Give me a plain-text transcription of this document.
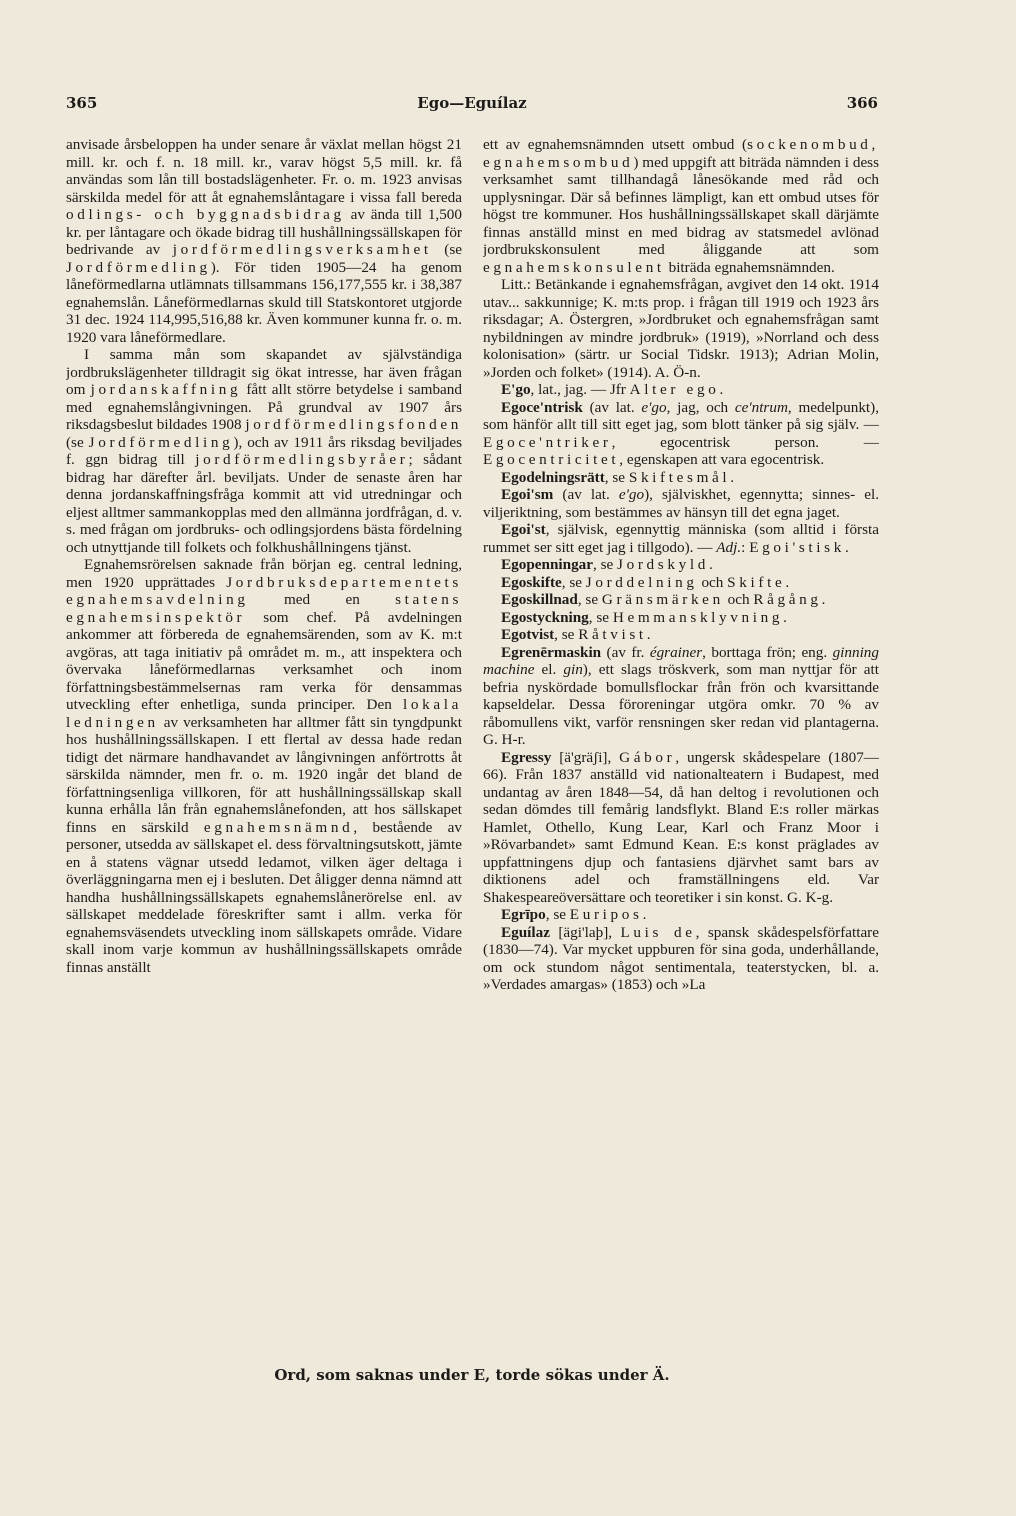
365	Ego—Eguílaz	366

anvisade årsbeloppen ha under senare år växlat mellan högst 21 mill. kr. och f. n. 18 mill. kr., varav högst 5,5 mill. kr. få användas som lån till bostadslägenheter. Fr. o. m. 1923 anvisas särskilda medel för att åt egnahemslåntagare i vissa fall bereda odlings- och byggnadsbidrag av ända till 1,500 kr. per låntagare och ökade bidrag till hushållningssällskapen för bedrivande av jordförmedlingsverksamhet (se Jordförmedling). För tiden 1905—24 ha genom låneförmedlarna utlämnats tillsammans 156,177,555 kr. i 38,387 egnahemslån. Låneförmedlarnas skuld till Statskontoret utgjorde 31 dec. 1924 114,995,516,88 kr. Även kommuner kunna fr. o. m. 1920 vara låneförmedlare.

I samma mån som skapandet av självständiga jordbrukslägenheter tilldragit sig ökat intresse, har även frågan om jordanskaffning fått allt större betydelse i samband med egnahemslångivningen. På grundval av 1907 års riksdagsbeslut bildades 1908 jordförmedlingsfonden (se Jordförmedling), och av 1911 års riksdag beviljades f. ggn bidrag till jordförmedlingsbyråer; sådant bidrag har därefter årl. beviljats. Under de senaste åren har denna jordanskaffningsfråga kommit att vid utredningar och eljest alltmer sammankopplas med den allmänna jordfrågan, d. v. s. med frågan om jordbruks- och odlingsjordens bästa fördelning och utnyttjande till folkets och folkhushållningens tjänst.

Egnahemsrörelsen saknade från början eg. central ledning, men 1920 upprättades Jordbruksdepartementets egnahemsavdelning med en statens egnahemsinspektör som chef. På avdelningen ankommer att förbereda de egnahemsärenden, som av K. m:t avgöras, att taga initiativ på området m. m., att inspektera och övervaka låneförmedlarnas verksamhet och inom författningsbestämmelsernas ram verka för densammas utveckling efter enhetliga, sunda principer. Den lokala ledningen av verksamheten har alltmer fått sin tyngdpunkt hos hushållningssällskapen. I ett flertal av dessa hade redan tidigt det närmare handhavandet av långivningen anförtrotts åt särskilda nämnder, men fr. o. m. 1920 ingår det bland de författningsenliga villkoren, för att hushållningssällskap skall kunna erhålla lån från egnahemslånefonden, att hos sällskapet finns en särskild egnahemsnämnd, bestående av personer, utsedda av sällskapet el. dess förvaltningsutskott, jämte en å statens vägnar utsedd ledamot, vilken äger deltaga i överläggningarna men ej i besluten. Det åligger denna nämnd att handha hushållningssällskapets egnahemslånerörelse enl. av sällskapet meddelade föreskrifter samt i allm. verka för egnahemsväsendets utveckling inom sällskapets område. Vidare skall inom varje kommun av hushållningssällskapets område finnas anställt

ett av egnahemsnämnden utsett ombud (sockenombud, egnahemsombud) med uppgift att biträda nämnden i dess verksamhet samt tillhandagå lånesökande med råd och upplysningar. Där så befinnes lämpligt, kan ett ombud utses för högst tre kommuner. Hos hushållningssällskapet skall därjämte finnas anställd minst en med bidrag av statsmedel avlönad jordbrukskonsulent med åliggande att som egnahemskonsulent biträda egnahemsnämnden.

Litt.: Betänkande i egnahemsfrågan, avgivet den 14 okt. 1914 utav... sakkunnige; K. m:ts prop. i frågan till 1919 och 1923 års riksdagar; A. Östergren, »Jordbruket och egnahemsfrågan samt nybildningen av mindre jordbruk» (1919), »Norrland och dess kolonisation» (särtr. ur Social Tidskr. 1913); Adrian Molin, »Jorden och folket» (1914). A. Ö-n.

E'go, lat., jag. — Jfr Alter ego.

Egoce'ntrisk (av lat. e'go, jag, och ce'ntrum, medelpunkt), som hänför allt till sitt eget jag, som blott tänker på sig själv. — Egoce'ntriker, egocentrisk person. — Egocentricitet, egenskapen att vara egocentrisk.

Egodelningsrätt, se Skiftesmål.

Egoi'sm (av lat. e'go), själviskhet, egennytta; sinnes- el. viljeriktning, som bestämmes av hänsyn till det egna jaget.

Egoi'st, självisk, egennyttig människa (som alltid i första rummet ser sitt eget jag i tillgodo). — Adj.: Egoi'stisk.

Egopenningar, se Jordskyld.

Egoskifte, se Jorddelning och Skifte.

Egoskillnad, se Gränsmärken och Rågång.

Egostyckning, se Hemmansklyvning.

Egotvist, se Råtvist.

Egrenērmaskin (av fr. égrainer, borttaga frön; eng. ginning machine el. gin), ett slags tröskverk, som man nyttjar för att befria nyskördade bomullsflockar från frön och kvarsittande kapseldelar. Dessa föroreningar utgöra omkr. 70 % av råbomullens vikt, varför rensningen sker redan vid plantagerna. G. H-r.

Egressy [ä'gräʃi], Gábor, ungersk skådespelare (1807—66). Från 1837 anställd vid nationalteatern i Budapest, med undantag av åren 1848—54, då han deltog i revolutionen och sedan dömdes till femårig landsflykt. Bland E:s roller märkas Hamlet, Othello, Kung Lear, Karl och Franz Moor i »Rövarbandet» samt Edmund Kean. E:s konst präglades av uppfattningens djup och fantasiens djärvhet samt bars av diktionens adel och framställningens eld. Var Shakespeareöversättare och teoretiker i sin konst. G. K-g.

Egrīpo, se Euripos.

Eguílaz [ägi'laþ], Luis de, spansk skådespelsförfattare (1830—74). Var mycket uppburen för sina goda, underhållande, om ock stundom något sentimentala, teaterstycken, bl. a. »Verdades amargas» (1853) och »La

Ord, som saknas under E, torde sökas under Ä.
